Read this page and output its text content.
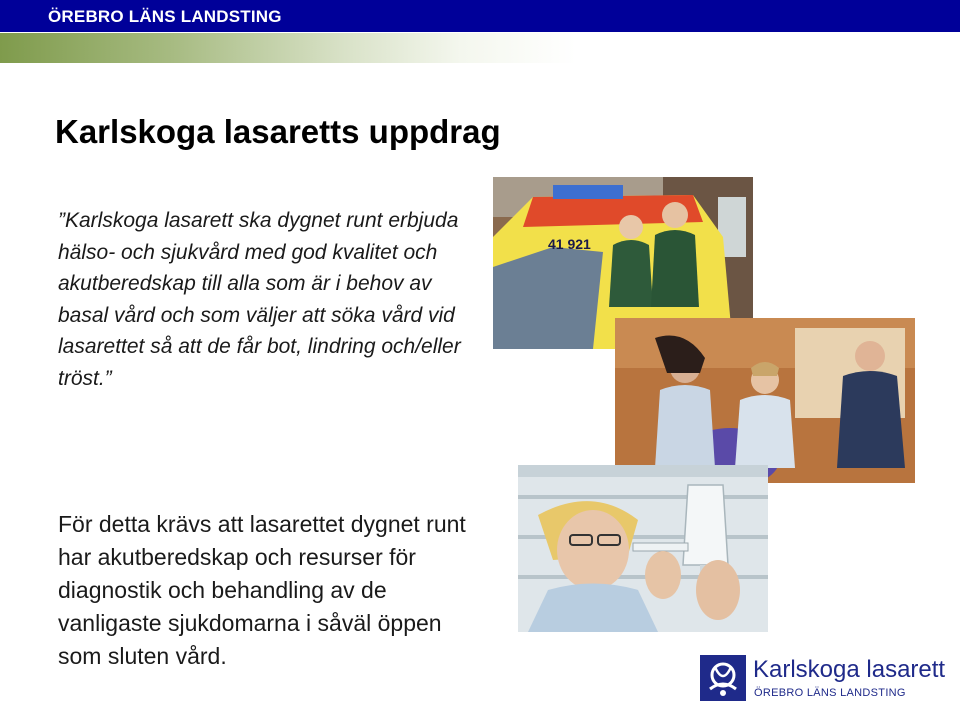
ÖREBRO LÄNS LANDSTING
Karlskoga lasaretts uppdrag

”Karlskoga lasarett ska dygnet runt erbjuda hälso- och sjukvård med god kvalitet och akutberedskap till alla som är i behov av basal vård och som väljer att söka vård vid lasarettet så att de får bot, lindring och/eller tröst.”

För detta krävs att lasarettet dygnet runt har akutberedskap och resurser för diagnostik och behandling av de vanligaste sjukdomarna i såväl öppen som sluten vård.

41 921
Karlskoga lasarett
ÖREBRO LÄNS LANDSTING
